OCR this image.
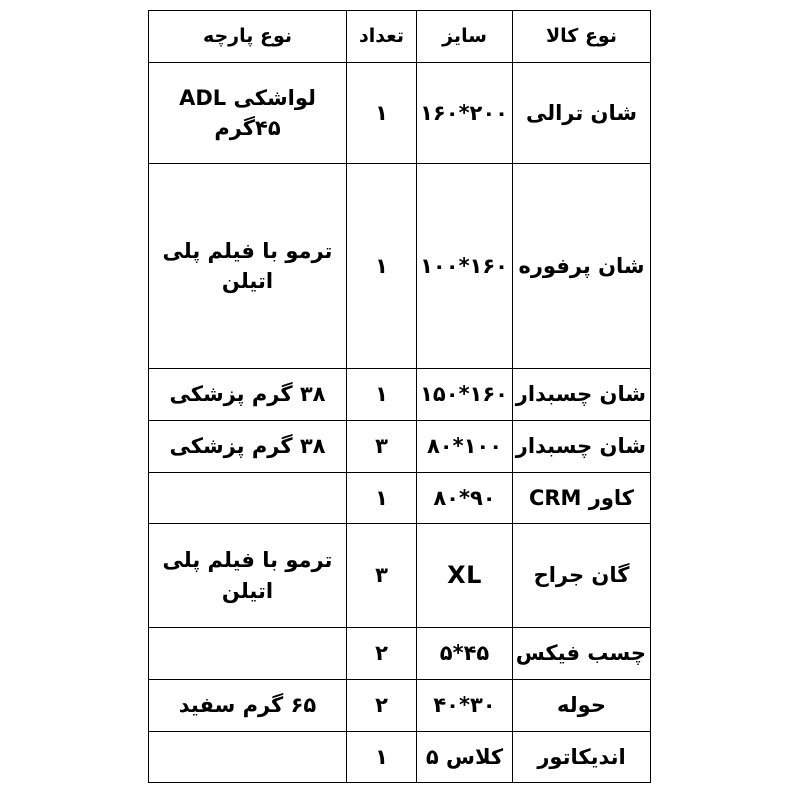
نوع کالا	سایز	تعداد	نوع پارچه
شان ترالی	۲۰۰*۱۶۰	۱	لواشکی ADL ۴۵گرم
شان پرفوره	۱۶۰*۱۰۰	۱	ترمو با فیلم پلی اتیلن
شان چسبدار	۱۶۰*۱۵۰	۱	۳۸ گرم پزشکی
شان چسبدار	۱۰۰*۸۰	۳	۳۸ گرم پزشکی
کاور CRM	۹۰*۸۰	۱	
گان جراح	XL	۳	ترمو با فیلم پلی اتیلن
چسب فیکس	۴۵*۵	۲	
حوله	۳۰*۴۰	۲	۶۵ گرم سفید
اندیکاتور	کلاس ۵	۱	
